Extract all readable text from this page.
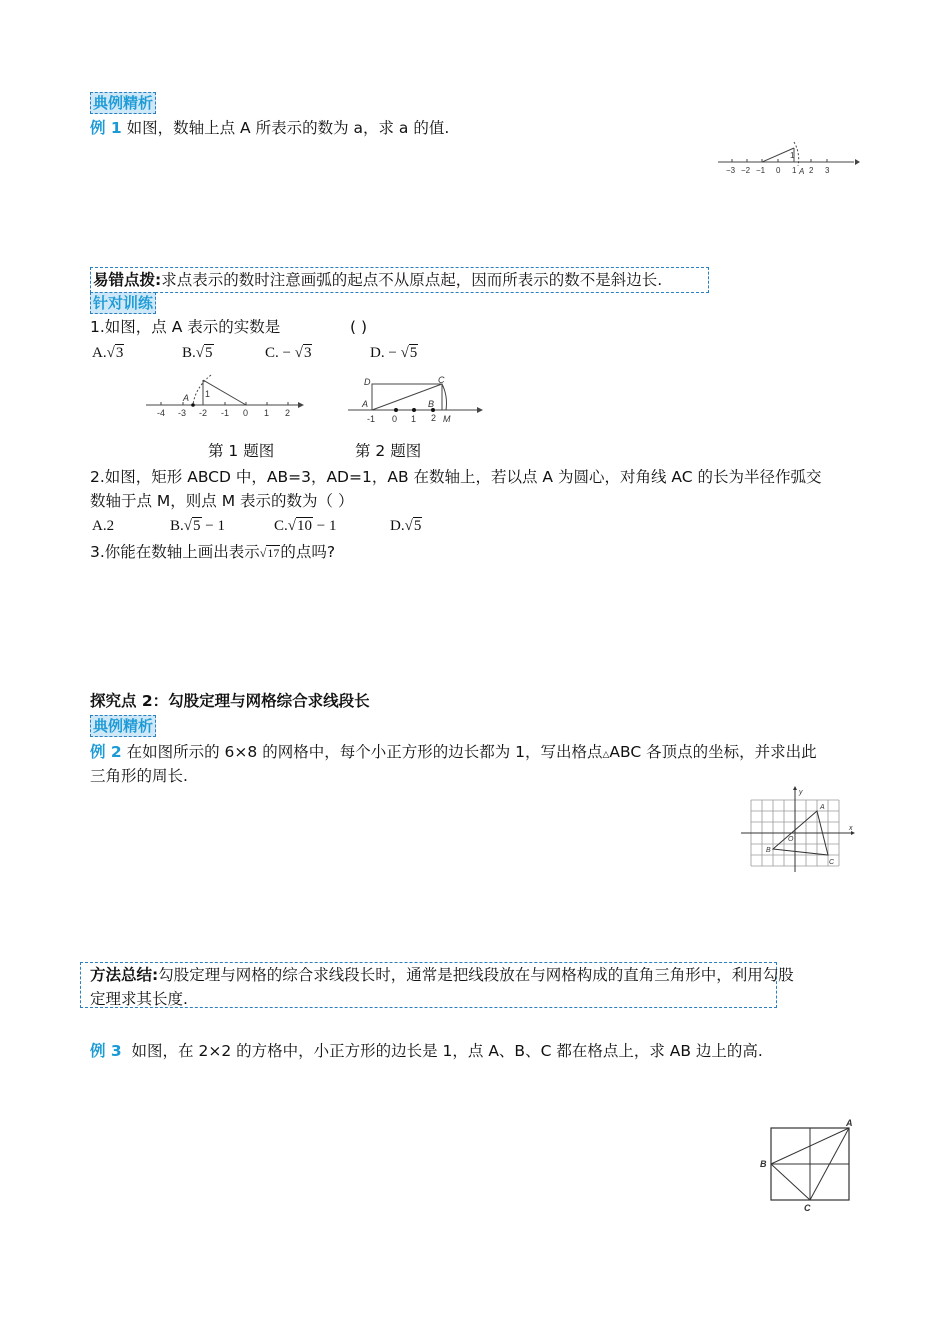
典例精析
例 1 如图，数轴上点 A 所表示的数为 a，求 a 的值.
−3 −2 −1 0 1 2 3
A
1
易错点拨:求点表示的数时注意画弧的起点不从原点起，因而所表示的数不是斜边长.
针对训练
1.如图，点 A 表示的实数是	( )
A.√3	B.√5	C. − √3	D. − √5
-4 -3 -2 -1 0 1 2
A 1
D	C
A	B
M
-1 0 1 2
第 1 题图	第 2 题图
2.如图，矩形 ABCD 中，AB=3，AD=1，AB 在数轴上，若以点 A 为圆心，对角线 AC 的长为半径作弧交
数轴于点 M，则点 M 表示的数为（ ）
A.2	B.√5 − 1	C.√10 − 1	D.√5
3.你能在数轴上画出表示√17的点吗?
探究点 2：勾股定理与网格综合求线段长
典例精析
例 2 在如图所示的 6×8 的网格中，每个小正方形的边长都为 1，写出格点△ABC 各顶点的坐标，并求出此
三角形的周长.
y
x
A
O
B
C
方法总结:勾股定理与网格的综合求线段长时，通常是把线段放在与网格构成的直角三角形中，利用勾股
定理求其长度.
例 3 如图，在 2×2 的方格中，小正方形的边长是 1，点 A、B、C 都在格点上，求 AB 边上的高.
A
B
C
